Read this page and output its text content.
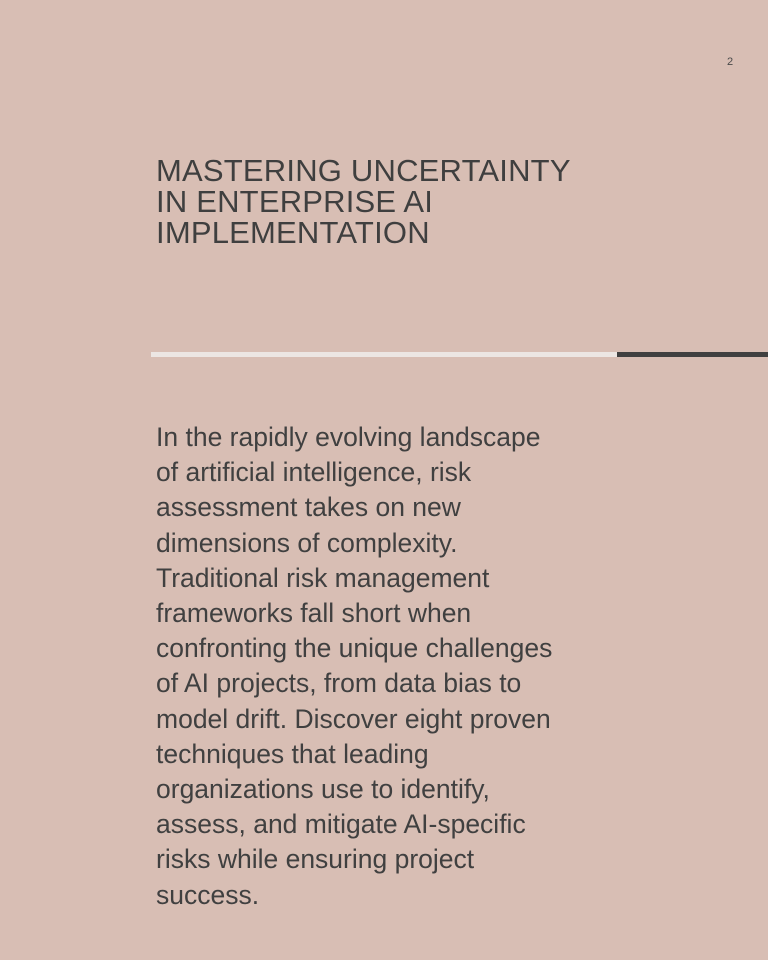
2
MASTERING UNCERTAINTY
IN ENTERPRISE AI
IMPLEMENTATION

In the rapidly evolving landscape
of artificial intelligence, risk
assessment takes on new
dimensions of complexity.
Traditional risk management
frameworks fall short when
confronting the unique challenges
of AI projects, from data bias to
model drift. Discover eight proven
techniques that leading
organizations use to identify,
assess, and mitigate AI-specific
risks while ensuring project
success.
